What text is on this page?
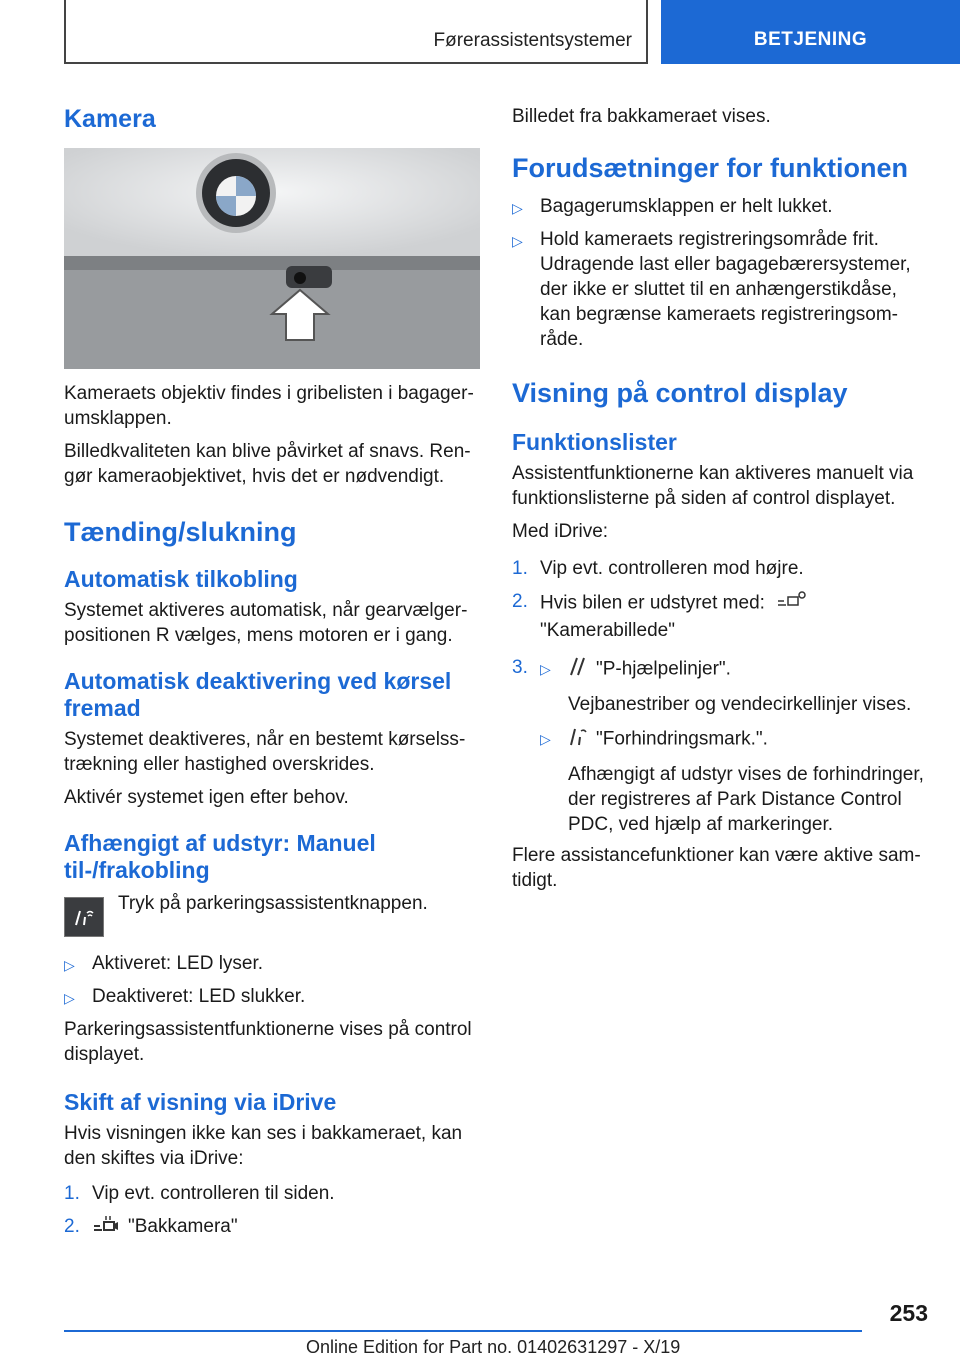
Førerassistentsystemer	BETJENING
Kamera

Kameraets objektiv findes i gribelisten i bagagerumsklappen.

Billedkvaliteten kan blive påvirket af snavs. Rengør kameraobjektivet, hvis det er nødvendigt.

Tænding/slukning
Automatisk tilkobling

Systemet aktiveres automatisk, når gearvælgerpositionen R vælges, mens motoren er i gang.

Automatisk deaktivering ved kørsel fremad

Systemet deaktiveres, når en bestemt kørselsstrækning eller hastighed overskrides.

Aktivér systemet igen efter behov.

Afhængigt af udstyr: Manuel til-/frakobling

Tryk på parkeringsassistentknappen.

▷ Aktiveret: LED lyser.
▷ Deaktiveret: LED slukker.

Parkeringsassistentfunktionerne vises på control displayet.

Skift af visning via iDrive

Hvis visningen ikke kan ses i bakkameraet, kan den skiftes via iDrive:

1. Vip evt. controlleren til siden.
2.	"Bakkamera"

Billedet fra bakkameraet vises.

Forudsætninger for funktionen
▷ Bagagerumsklappen er helt lukket.
▷ Hold kameraets registreringsområde frit. Udragende last eller bagagebærersystemer, der ikke er sluttet til en anhængerstikdåse, kan begrænse kameraets registreringsområde.
Visning på control display
Funktionslister

Assistentfunktionerne kan aktiveres manuelt via funktionslisterne på siden af control displayet.

Med iDrive:

1. Vip evt. controlleren mod højre.
2. Hvis bilen er udstyret med:
"Kamerabillede"
3. ▷	"P-hjælpelinjer".

Vejbanestriber og vendecirkellinjer vises.

▷	"Forhindringsmark.".

Afhængigt af udstyr vises de forhindringer, der registreres af Park Distance Control PDC, ved hjælp af markeringer.

Flere assistancefunktioner kan være aktive samtidigt.

253
Online Edition for Part no. 01402631297 - X/19
